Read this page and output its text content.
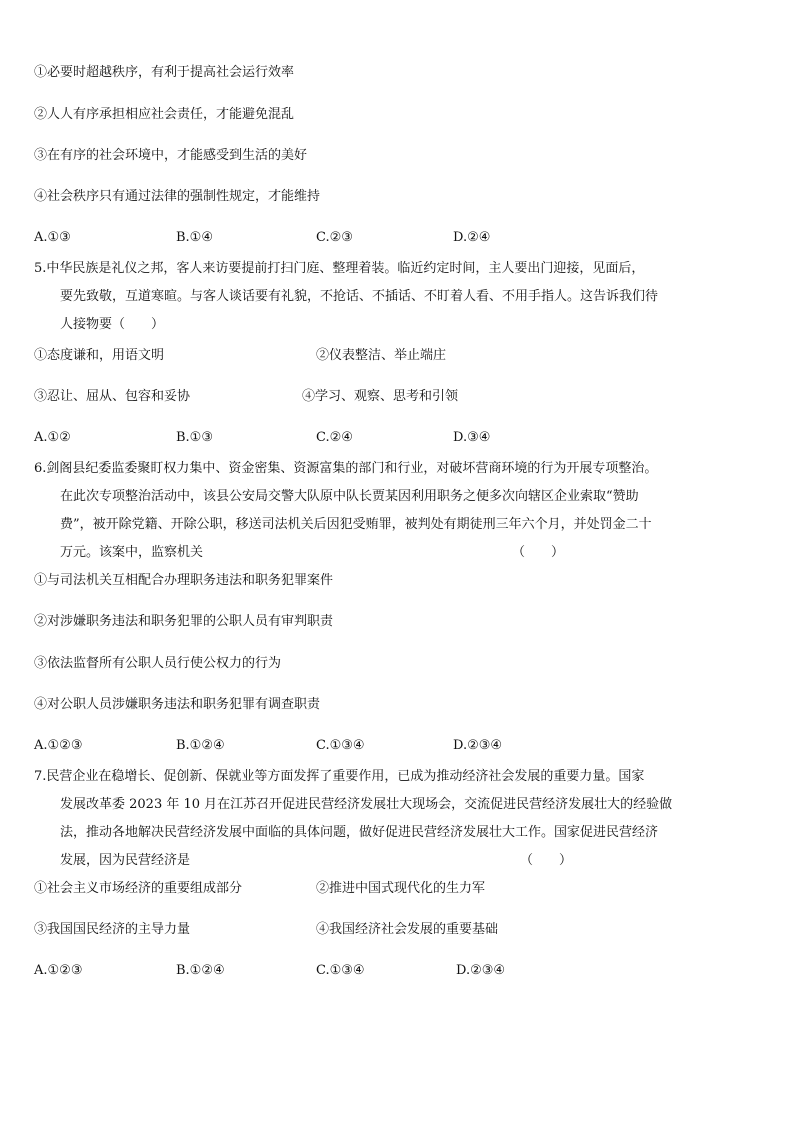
①必要时超越秩序，有利于提高社会运行效率
②人人有序承担相应社会责任，才能避免混乱
③在有序的社会环境中，才能感受到生活的美好
④社会秩序只有通过法律的强制性规定，才能维持
A.①③	B.①④	C.②③	D.②④
5.中华民族是礼仪之邦，客人来访要提前打扫门庭、整理着装。临近约定时间，主人要出门迎接，见面后，
要先致敬，互道寒暄。与客人谈话要有礼貌，不抢话、不插话、不盯着人看、不用手指人。这告诉我们待
人接物要（　　）
①态度谦和，用语文明	②仪表整洁、举止端庄
③忍让、屈从、包容和妥协	④学习、观察、思考和引领
A.①②	B.①③	C.②④	D.③④
6.剑阁县纪委监委聚盯权力集中、资金密集、资源富集的部门和行业，对破坏营商环境的行为开展专项整治。
在此次专项整治活动中，该县公安局交警大队原中队长贾某因利用职务之便多次向辖区企业索取“赞助
费”，被开除党籍、开除公职，移送司法机关后因犯受贿罪，被判处有期徒刑三年六个月，并处罚金二十
万元。该案中，监察机关	（　　）
①与司法机关互相配合办理职务违法和职务犯罪案件
②对涉嫌职务违法和职务犯罪的公职人员有审判职责
③依法监督所有公职人员行使公权力的行为
④对公职人员涉嫌职务违法和职务犯罪有调查职责
A.①②③	B.①②④	C.①③④	D.②③④
7.民营企业在稳增长、促创新、保就业等方面发挥了重要作用，已成为推动经济社会发展的重要力量。国家
发展改革委 2023 年 10 月在江苏召开促进民营经济发展壮大现场会，交流促进民营经济发展壮大的经验做
法，推动各地解决民营经济发展中面临的具体问题，做好促进民营经济发展壮大工作。国家促进民营经济
发展，因为民营经济是	（　　）
①社会主义市场经济的重要组成部分	②推进中国式现代化的生力军
③我国国民经济的主导力量	④我国经济社会发展的重要基础
A.①②③	B.①②④	C.①③④	D.②③④
